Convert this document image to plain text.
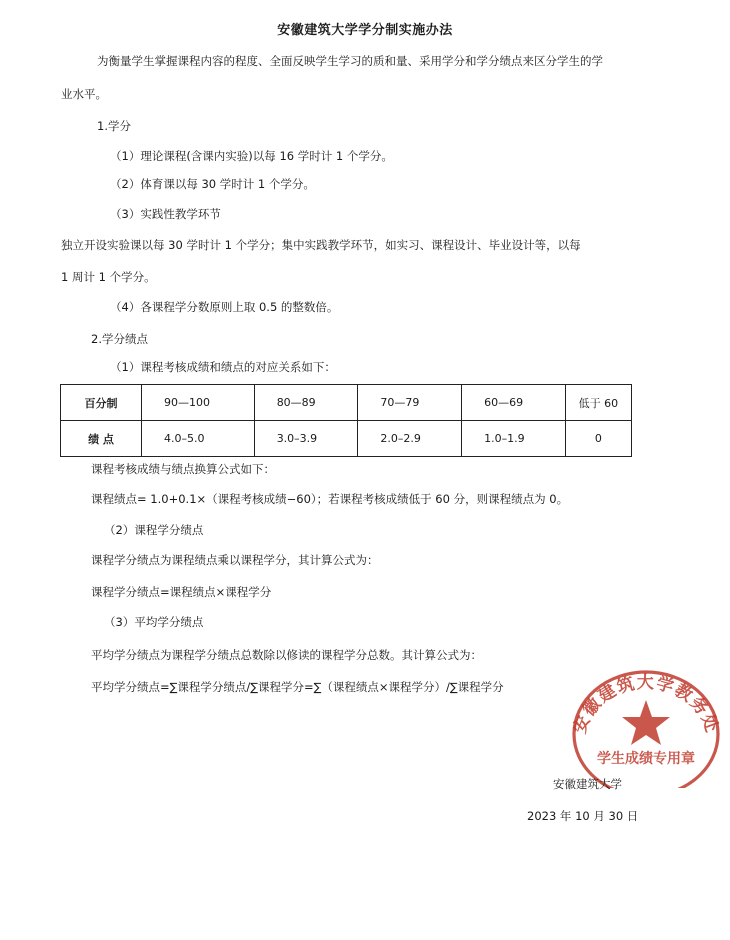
安徽建筑大学学分制实施办法
为衡量学生掌握课程内容的程度、全面反映学生学习的质和量、采用学分和学分绩点来区分学生的学
业水平。
1.学分
（1）理论课程(含课内实验)以每 16 学时计 1 个学分。
（2）体育课以每 30 学时计 1 个学分。
（3）实践性教学环节
独立开设实验课以每 30 学时计 1 个学分；集中实践教学环节，如实习、课程设计、毕业设计等，以每
1 周计 1 个学分。
（4）各课程学分数原则上取 0.5 的整数倍。
2.学分绩点
（1）课程考核成绩和绩点的对应关系如下：
百分制	90—100	80—89	70—79	60—69	低于 60
绩 点	4.0–5.0	3.0–3.9	2.0–2.9	1.0–1.9	0
课程考核成绩与绩点换算公式如下：
课程绩点= 1.0+0.1×（课程考核成绩−60）；若课程考核成绩低于 60 分，则课程绩点为 0。
（2）课程学分绩点
课程学分绩点为课程绩点乘以课程学分，其计算公式为：
课程学分绩点=课程绩点×课程学分
（3）平均学分绩点
平均学分绩点为课程学分绩点总数除以修读的课程学分总数。其计算公式为：
平均学分绩点=∑课程学分绩点/∑课程学分=∑（课程绩点×课程学分）/∑课程学分
安徽建筑大学教务处
学生成绩专用章
安徽建筑大学
2023 年 10 月 30 日
